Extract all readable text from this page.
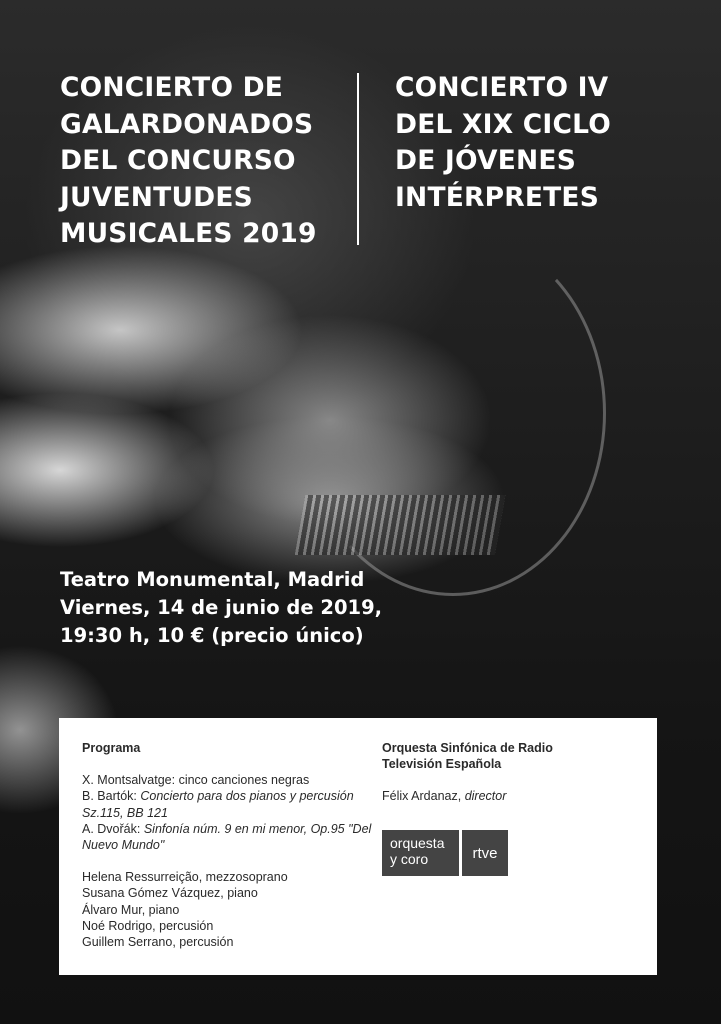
CONCIERTO DE
GALARDONADOS
DEL CONCURSO
JUVENTUDES
MUSICALES 2019
CONCIERTO IV
DEL XIX CICLO
DE JÓVENES
INTÉRPRETES
Teatro Monumental, Madrid
Viernes, 14 de junio de 2019,
19:30 h, 10 € (precio único)
Programa
X. Montsalvatge: cinco canciones negras
B. Bartók: Concierto para dos pianos y percusión Sz.115, BB 121
A. Dvořák: Sinfonía núm. 9 en mi menor, Op.95 "Del Nuevo Mundo"
Helena Ressurreição, mezzosoprano
Susana Gómez Vázquez, piano
Álvaro Mur, piano
Noé Rodrigo, percusión
Guillem Serrano, percusión
Orquesta Sinfónica de Radio
Televisión Española
Félix Ardanaz, director
orquesta
y coro	rtve
